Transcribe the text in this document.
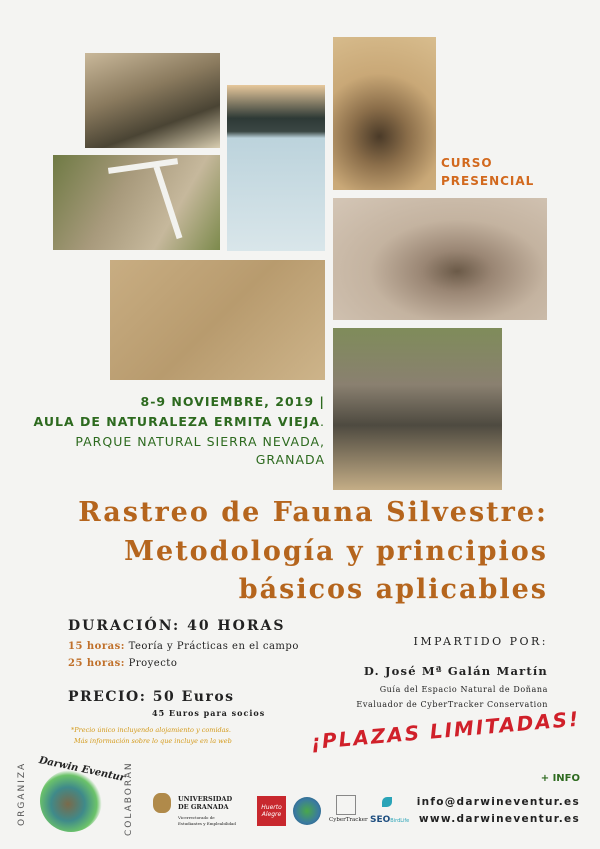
CURSO
PRESENCIAL
8-9 NOVIEMBRE, 2019 |
AULA DE NATURALEZA ERMITA VIEJA.
PARQUE NATURAL SIERRA NEVADA,
GRANADA
Rastreo de Fauna Silvestre:
Metodología y principios
básicos aplicables
DURACIÓN: 40 HORAS
15 horas: Teoría y Prácticas en el campo
25 horas: Proyecto
PRECIO: 50 Euros
45 Euros para socios
*Precio único incluyendo alojamiento y comidas.
Más información sobre lo que incluye en la web
IMPARTIDO POR:
D. José Mª Galán Martín
Guía del Espacio Natural de Doñana
Evaluador de CyberTracker Conservation
¡PLAZAS LIMITADAS!
ORGANIZA Darwin Eventur
COLABORAN	UNIVERSIDAD
DE GRANADA
Vicerrectorado de
Estudiantes y Empleabilidad
Huerto Alegre
CyberTracker SEOBirdLife
+ INFO
info@darwineventur.es
www.darwineventur.es
